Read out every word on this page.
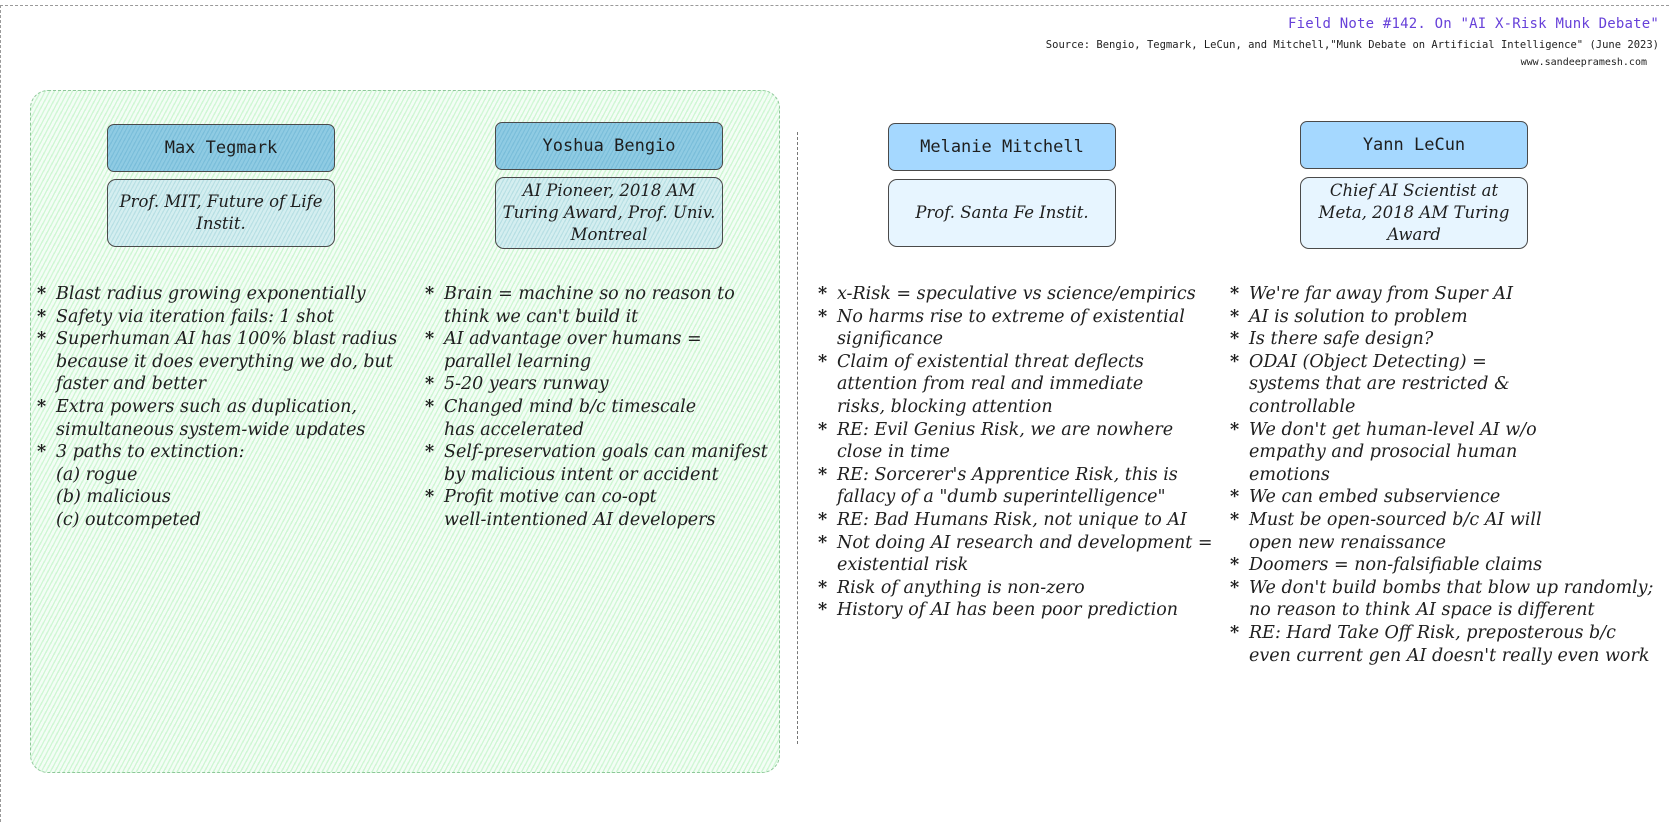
Field Note #142. On "AI X-Risk Munk Debate"
Source: Bengio, Tegmark, LeCun, and Mitchell,"Munk Debate on Artificial Intelligence" (June 2023)
www.sandeepramesh.com
Max Tegmark
Prof. MIT, Future of Life Instit.
* Blast radius growing exponentially
* Safety via iteration fails: 1 shot
* Superhuman AI has 100% blast radius
because it does everything we do, but
faster and better
* Extra powers such as duplication,
simultaneous system-wide updates
* 3 paths to extinction:
(a) rogue
(b) malicious
(c) outcompeted
Yoshua Bengio
AI Pioneer, 2018 AM Turing Award, Prof. Univ. Montreal
* Brain = machine so no reason to
think we can't build it
* AI advantage over humans =
parallel learning
* 5-20 years runway
* Changed mind b/c timescale
has accelerated
* Self-preservation goals can manifest
by malicious intent or accident
* Profit motive can co-opt
well-intentioned AI developers
Melanie Mitchell
Prof. Santa Fe Instit.
* x-Risk = speculative vs science/empirics
* No harms rise to extreme of existential
significance
* Claim of existential threat deflects
attention from real and immediate
risks, blocking attention
* RE: Evil Genius Risk, we are nowhere
close in time
* RE: Sorcerer's Apprentice Risk, this is
fallacy of a "dumb superintelligence"
* RE: Bad Humans Risk, not unique to AI
* Not doing AI research and development =
existential risk
* Risk of anything is non-zero
* History of AI has been poor prediction
Yann LeCun
Chief AI Scientist at Meta, 2018 AM Turing Award
* We're far away from Super AI
* AI is solution to problem
* Is there safe design?
* ODAI (Object Detecting) =
systems that are restricted &
controllable
* We don't get human-level AI w/o
empathy and prosocial human
emotions
* We can embed subservience
* Must be open-sourced b/c AI will
open new renaissance
* Doomers = non-falsifiable claims
* We don't build bombs that blow up randomly;
no reason to think AI space is different
* RE: Hard Take Off Risk, preposterous b/c
even current gen AI doesn't really even work
